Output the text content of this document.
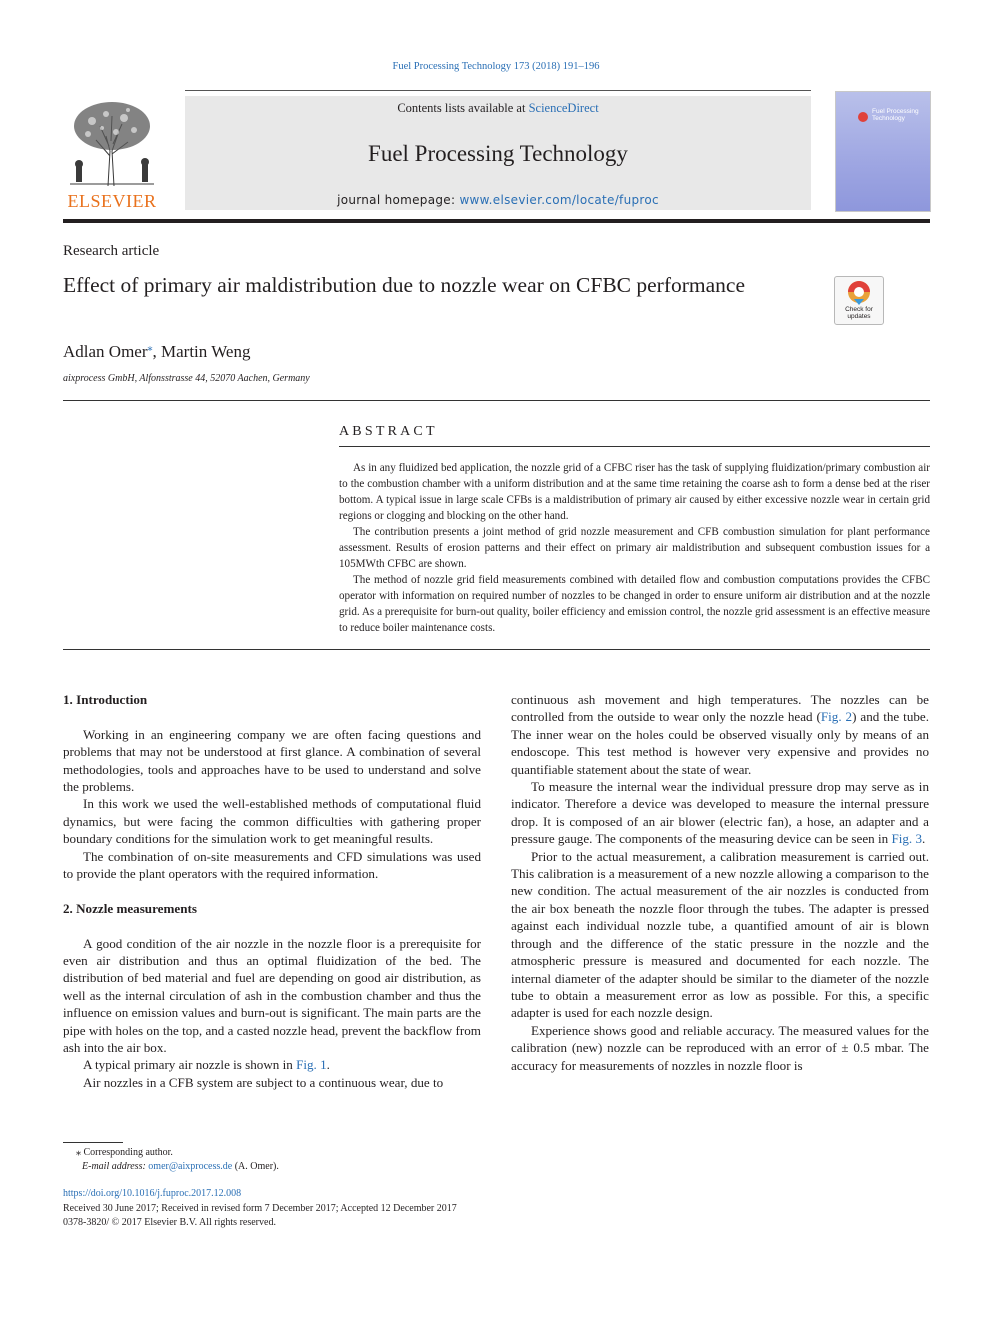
Fuel Processing Technology 173 (2018) 191–196
ELSEVIER
Contents lists available at ScienceDirect
Fuel Processing Technology
journal homepage: www.elsevier.com/locate/fuproc
Fuel Processing Technology
Research article
Effect of primary air maldistribution due to nozzle wear on CFBC performance
Check for updates
Adlan Omer⁎, Martin Weng
aixprocess GmbH, Alfonsstrasse 44, 52070 Aachen, Germany
ABSTRACT

As in any fluidized bed application, the nozzle grid of a CFBC riser has the task of supplying fluidization/primary combustion air to the combustion chamber with a uniform distribution and at the same time retaining the coarse ash to form a dense bed at the riser bottom. A typical issue in large scale CFBs is a maldistribution of primary air caused by either excessive nozzle wear in certain grid regions or clogging and blocking on the other hand.

The contribution presents a joint method of grid nozzle measurement and CFB combustion simulation for plant performance assessment. Results of erosion patterns and their effect on primary air maldistribution and subsequent combustion issues for a 105MWth CFBC are shown.

The method of nozzle grid field measurements combined with detailed flow and combustion computations provides the CFBC operator with information on required number of nozzles to be changed in order to ensure uniform air distribution and at the nozzle grid. As a prerequisite for burn-out quality, boiler efficiency and emission control, the nozzle grid assessment is an effective measure to reduce boiler maintenance costs.

1. Introduction

Working in an engineering company we are often facing questions and problems that may not be understood at first glance. A combination of several methodologies, tools and approaches have to be used to understand and solve the problems.

In this work we used the well-established methods of computational fluid dynamics, but were facing the common difficulties with gathering proper boundary conditions for the simulation work to get meaningful results.

The combination of on-site measurements and CFD simulations was used to provide the plant operators with the required information.

2. Nozzle measurements

A good condition of the air nozzle in the nozzle floor is a prerequisite for even air distribution and thus an optimal fluidization of the bed. The distribution of bed material and fuel are depending on good air distribution, as well as the internal circulation of ash in the combustion chamber and thus the influence on emission values and burn-out is significant. The main parts are the pipe with holes on the top, and a casted nozzle head, prevent the backflow from ash into the air box.

A typical primary air nozzle is shown in Fig. 1.

Air nozzles in a CFB system are subject to a continuous wear, due to

continuous ash movement and high temperatures. The nozzles can be controlled from the outside to wear only the nozzle head (Fig. 2) and the tube. The inner wear on the holes could be observed visually only by means of an endoscope. This test method is however very expensive and provides no quantifiable statement about the state of wear.

To measure the internal wear the individual pressure drop may serve as in indicator. Therefore a device was developed to measure the internal pressure drop. It is composed of an air blower (electric fan), a hose, an adapter and a pressure gauge. The components of the measuring device can be seen in Fig. 3.

Prior to the actual measurement, a calibration measurement is carried out. This calibration is a measurement of a new nozzle allowing a comparison to the new condition. The actual measurement of the air nozzles is conducted from the air box beneath the nozzle floor through the tubes. The adapter is pressed against each individual nozzle tube, a quantified amount of air is blown through and the difference of the static pressure in the nozzle and the atmospheric pressure is measured and documented for each nozzle. The internal diameter of the adapter should be similar to the diameter of the nozzle tube to obtain a measurement error as low as possible. For this, a specific adapter is used for each nozzle design.

Experience shows good and reliable accuracy. The measured values for the calibration (new) nozzle can be reproduced with an error of ± 0.5 mbar. The accuracy for measurements of nozzles in nozzle floor is

⁎ Corresponding author.
E-mail address: omer@aixprocess.de (A. Omer).
https://doi.org/10.1016/j.fuproc.2017.12.008
Received 30 June 2017; Received in revised form 7 December 2017; Accepted 12 December 2017
0378-3820/ © 2017 Elsevier B.V. All rights reserved.
